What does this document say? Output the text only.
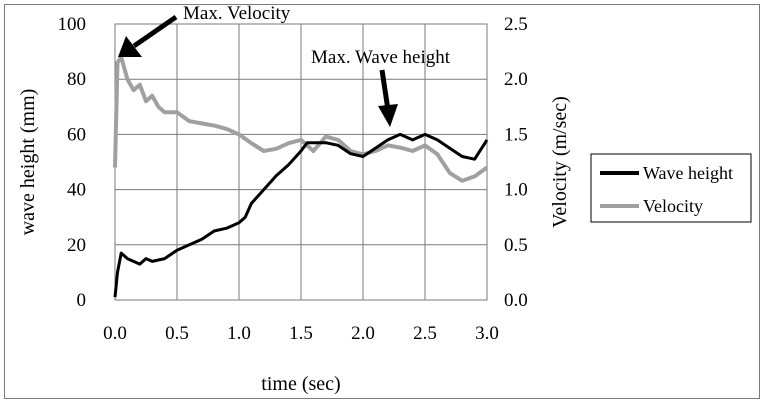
0.0 0.5 1.0 1.5 2.0 2.5 3.0
0
20
40
60
80
100
0.0
0.5
1.0
1.5
2.0
2.5
time (sec)
wave height (mm)	Velocity (m/sec)
Max. Velocity
Max. Wave height
Wave height
Velocity
